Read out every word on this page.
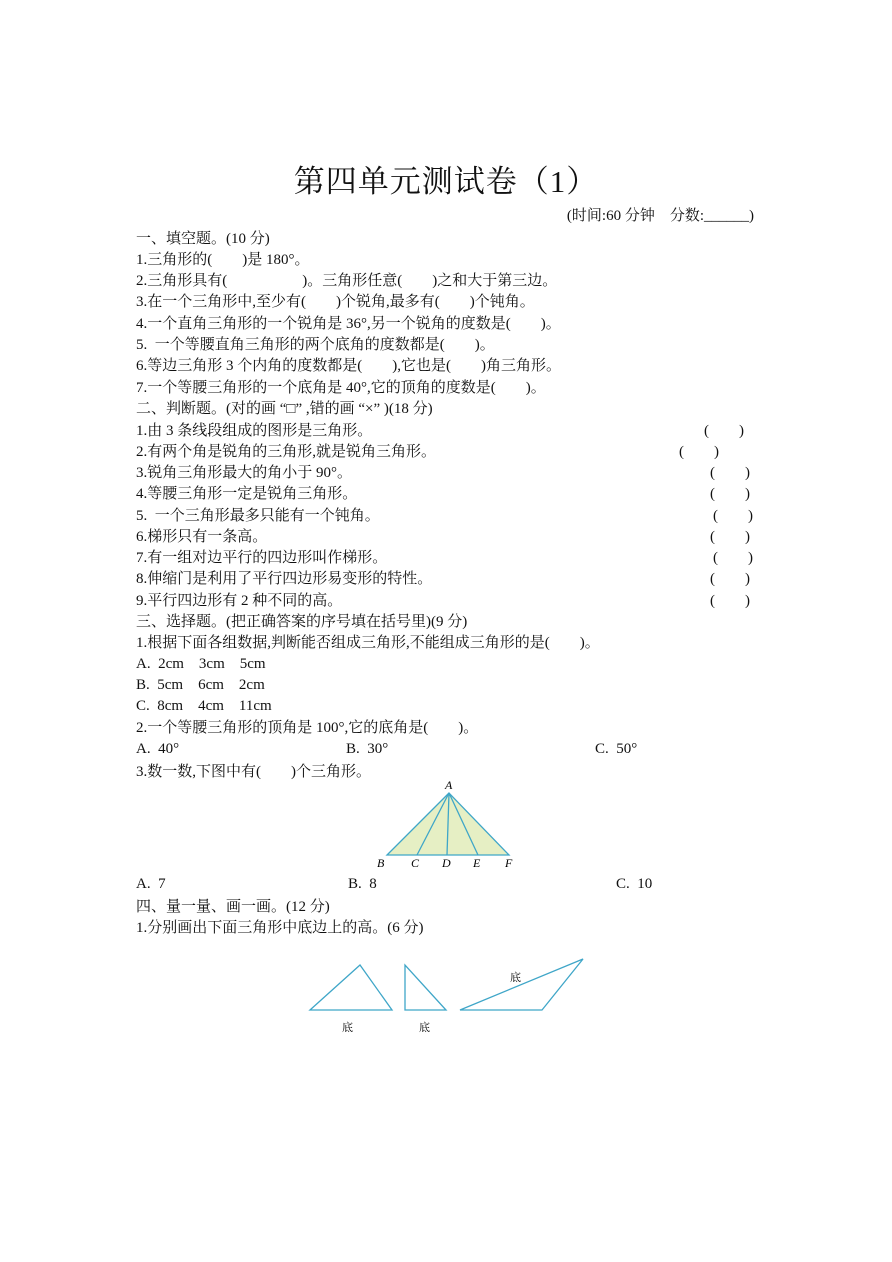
第四单元测试卷（1）
(时间:60 分钟　分数:______)
一、填空题。(10 分)
1.三角形的(　　)是 180°。
2.三角形具有(　　　　　)。三角形任意(　　)之和大于第三边。
3.在一个三角形中,至少有(　　)个锐角,最多有(　　)个钝角。
4.一个直角三角形的一个锐角是 36°,另一个锐角的度数是(　　)。
5.  一个等腰直角三角形的两个底角的度数都是(　　)。
6.等边三角形 3 个内角的度数都是(　　),它也是(　　)角三角形。
7.一个等腰三角形的一个底角是 40°,它的顶角的度数是(　　)。
二、判断题。(对的画 “□” ,错的画 “×” )(18 分)
1.由 3 条线段组成的图形是三角形。	(　　)
2.有两个角是锐角的三角形,就是锐角三角形。	(　　)
3.锐角三角形最大的角小于 90°。	(　　)
4.等腰三角形一定是锐角三角形。	(　　)
5.  一个三角形最多只能有一个钝角。	(　　)
6.梯形只有一条高。	(　　)
7.有一组对边平行的四边形叫作梯形。	(　　)
8.伸缩门是利用了平行四边形易变形的特性。	(　　)
9.平行四边形有 2 种不同的高。	(　　)
三、选择题。(把正确答案的序号填在括号里)(9 分)
1.根据下面各组数据,判断能否组成三角形,不能组成三角形的是(　　)。
A.  2cm    3cm    5cm
B.  5cm    6cm    2cm
C.  8cm    4cm    11cm
2.一个等腰三角形的顶角是 100°,它的底角是(　　)。
A.  40°	B.  30°	C.  50°
3.数一数,下图中有(　　)个三角形。
A
B C D E F
A.  7	B.  8	C.  10
四、量一量、画一画。(12 分)
1.分别画出下面三角形中底边上的高。(6 分)
底	底
底
